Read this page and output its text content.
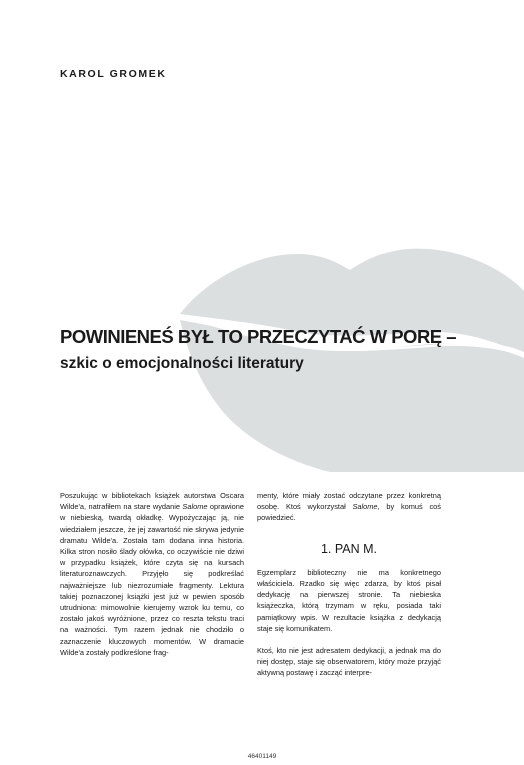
KAROL GROMEK
POWINIENEŚ BYŁ TO PRZECZYTAĆ W PORĘ –
szkic o emocjonalności literatury

Poszukując w bibliotekach książek autorstwa Oscara Wilde'a, natrafiłem na stare wydanie Salome oprawione w niebieską, twardą okładkę. Wypożyczając ją, nie wiedziałem jeszcze, że jej zawartość nie skrywa jedynie dramatu Wilde'a. Została tam dodana inna historia. Kilka stron nosiło ślady ołówka, co oczywiście nie dziwi w przypadku książek, które czyta się na kursach literaturoznawczych. Przyjęło się podkreślać najważniejsze lub niezrozumiałe fragmenty. Lektura takiej poznaczonej książki jest już w pewien sposób utrudniona: mimowolnie kierujemy wzrok ku temu, co zostało jakoś wyróżnione, przez co reszta tekstu traci na ważności. Tym razem jednak nie chodziło o zaznaczenie kluczowych momentów. W dramacie Wilde'a zostały podkreślone frag-

menty, które miały zostać odczytane przez konkretną osobę. Ktoś wykorzystał Salome, by komuś coś powiedzieć.

1. PAN M.

Egzemplarz biblioteczny nie ma konkretnego właściciela. Rzadko się więc zdarza, by ktoś pisał dedykację na pierwszej stronie. Ta niebieska książeczka, którą trzymam w ręku, posiada taki pamiątkowy wpis. W rezultacie książka z dedykacją staje się komunikatem.

Ktoś, kto nie jest adresatem dedykacji, a jednak ma do niej dostęp, staje się obserwatorem, który może przyjąć aktywną postawę i zacząć interpre-

46401149
